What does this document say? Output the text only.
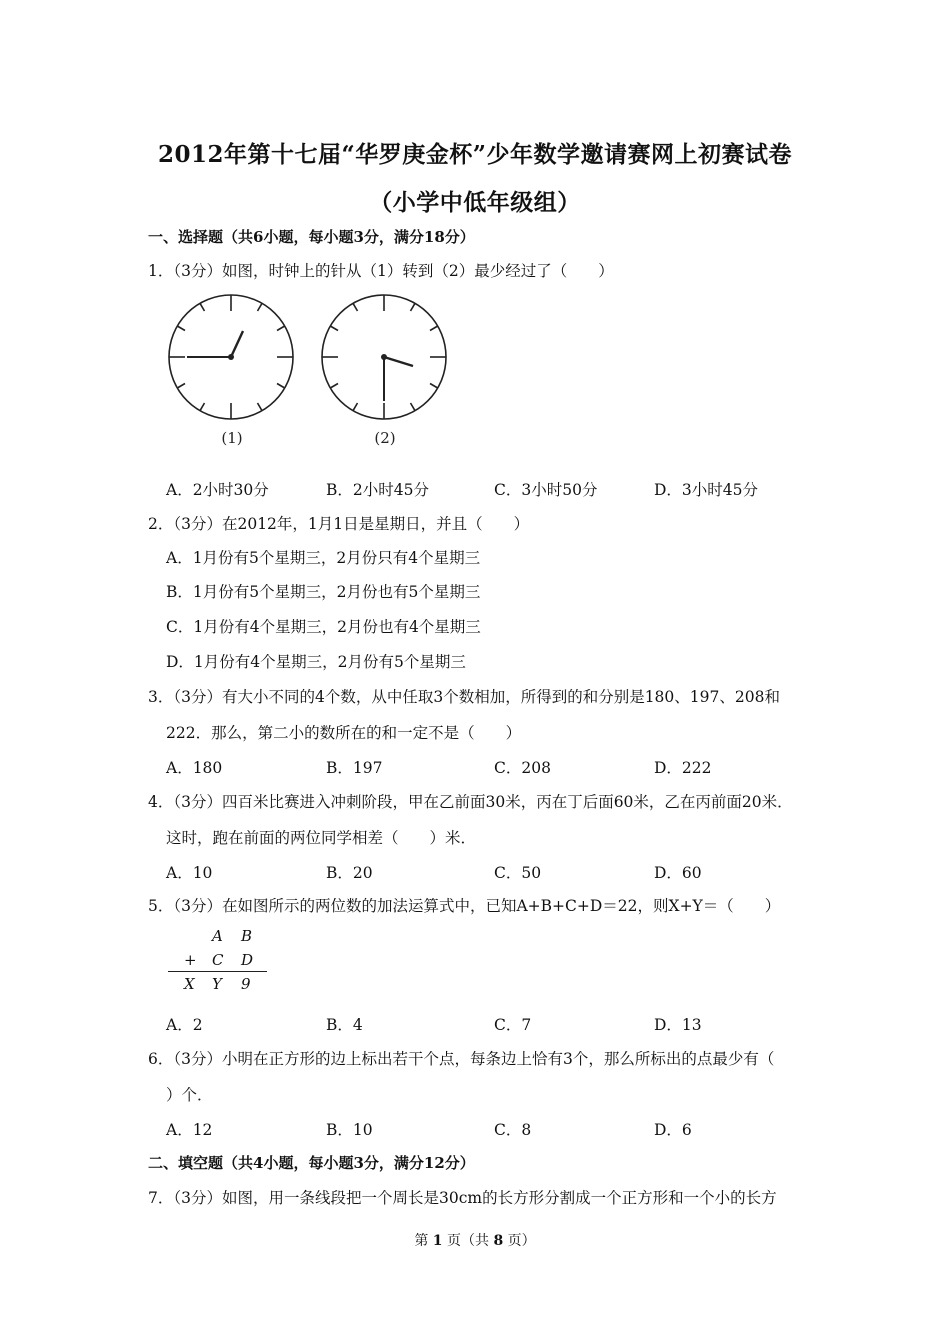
2012年第十七届“华罗庚金杯”少年数学邀请赛网上初赛试卷
（小学中低年级组）
一、选择题（共6小题，每小题3分，满分18分）
1．（3分）如图，时钟上的针从（1）转到（2）最少经过了（　　）
(1)	(2)
A．2小时30分	B．2小时45分	C．3小时50分	D．3小时45分
2．（3分）在2012年，1月1日是星期日，并且（　　）
A．1月份有5个星期三，2月份只有4个星期三
B．1月份有5个星期三，2月份也有5个星期三
C．1月份有4个星期三，2月份也有4个星期三
D．1月份有4个星期三，2月份有5个星期三
3．（3分）有大小不同的4个数，从中任取3个数相加，所得到的和分别是180、197、208和
222．那么，第二小的数所在的和一定不是（　　）
A．180	B．197	C．208	D．222
4．（3分）四百米比赛进入冲刺阶段，甲在乙前面30米，丙在丁后面60米，乙在丙前面20米．
这时，跑在前面的两位同学相差（　　）米．
A．10	B．20	C．50	D．60
5．（3分）在如图所示的两位数的加法运算式中，已知A+B+C+D＝22，则X+Y＝（　　）
A B
+ C D
X Y 9
A．2	B．4	C．7	D．13
6．（3分）小明在正方形的边上标出若干个点，每条边上恰有3个，那么所标出的点最少有（
）个．
A．12	B．10	C．8	D．6
二、填空题（共4小题，每小题3分，满分12分）
7．（3分）如图，用一条线段把一个周长是30cm的长方形分割成一个正方形和一个小的长方
第 1 页（共 8 页）
